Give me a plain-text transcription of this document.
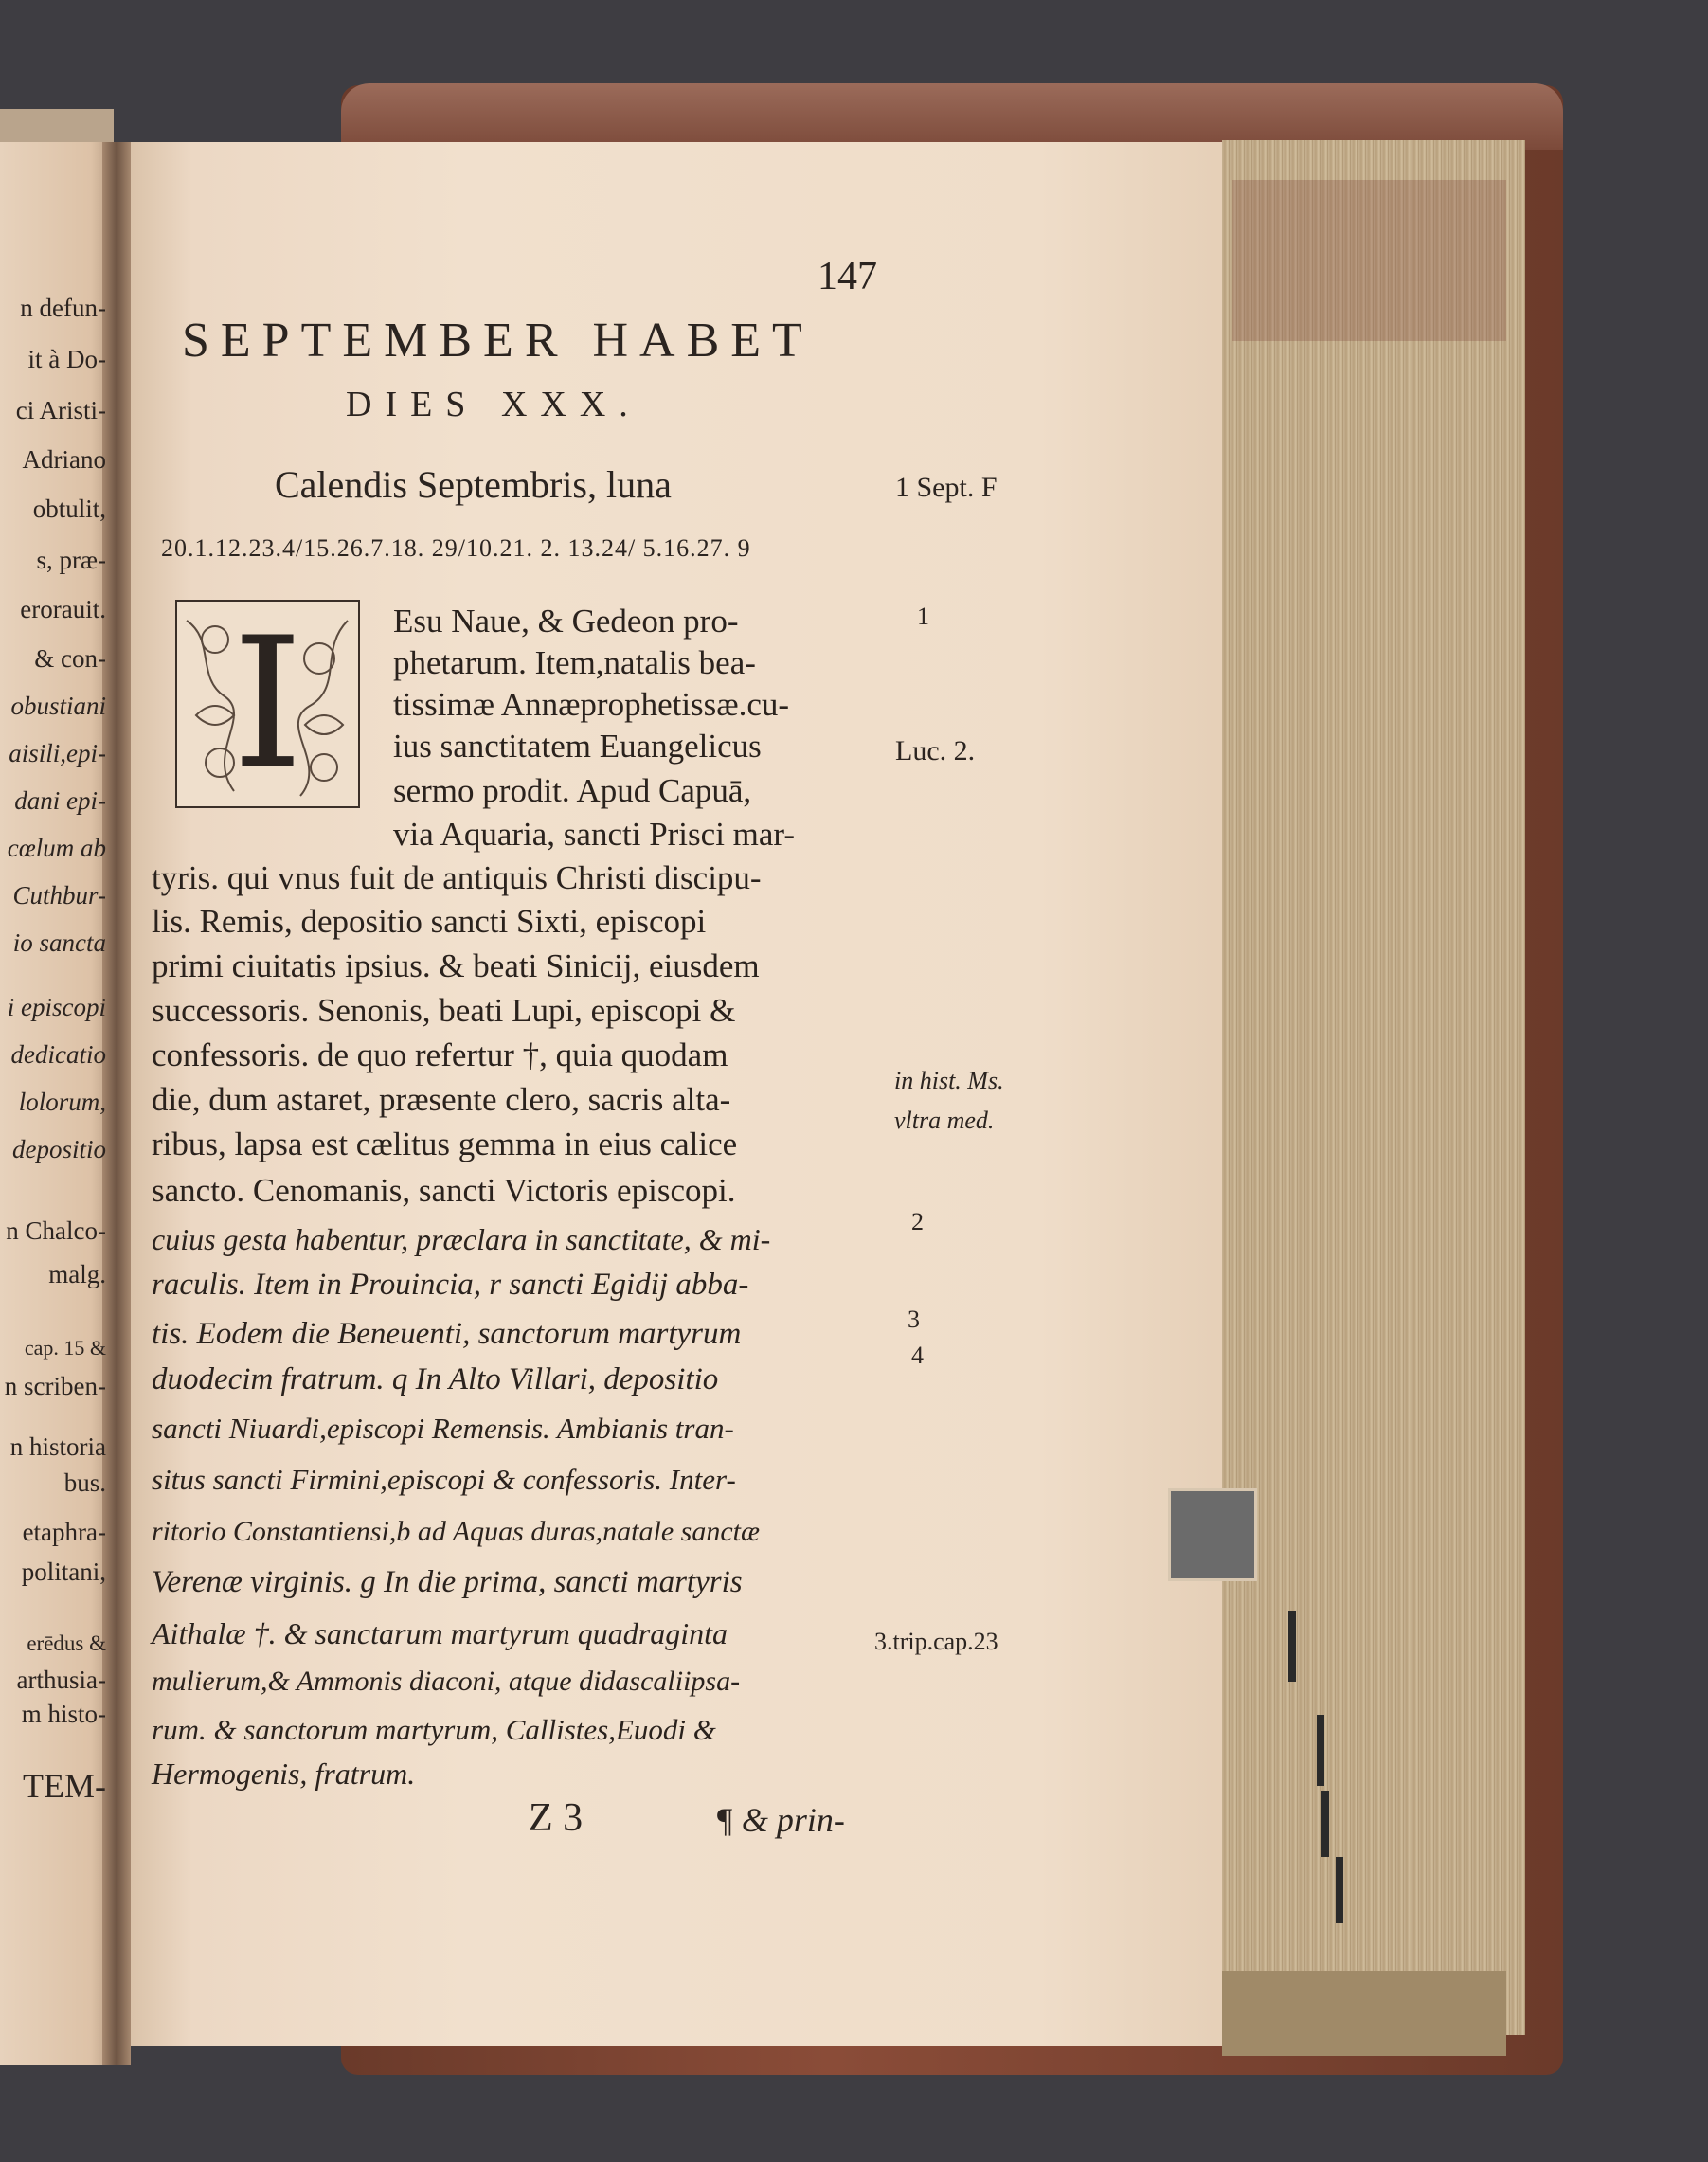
n defun-
it à Do-
ci Aristi-
Adriano
obtulit,
s, præ-
erorauit.
& con-
obustiani
aisili,epi-
dani epi-
cœlum ab
Cuthbur-
io sancta
i episcopi
dedicatio
lolorum,
depositio
n Chalco-
malg.
cap. 15 &
n scriben-
n historia
bus.
etaphra-
politani,
erēdus &
arthusia-
m histo-
TEM-
147
SEPTEMBER HABET
DIES XXX.
Calendis Septembris, luna	1 Sept. F
20.1.12.23.4/15.26.7.18. 29/10.21. 2. 13.24/ 5.16.27. 9
I	Esu Naue, & Gedeon pro-
phetarum. Item,natalis bea-
tissimæ Annæprophetissæ.cu-
ius sanctitatem Euangelicus
sermo prodit. Apud Capuā,
via Aquaria, sancti Prisci mar-
tyris. qui vnus fuit de antiquis Christi discipu-
lis. Remis, depositio sancti Sixti, episcopi
primi ciuitatis ipsius. & beati Sinicij, eiusdem
successoris. Senonis, beati Lupi, episcopi &
confessoris. de quo refertur †, quia quodam
die, dum astaret, præsente clero, sacris alta-
ribus, lapsa est cælitus gemma in eius calice
sancto. Cenomanis, sancti Victoris episcopi.
cuius gesta habentur, præclara in sanctitate, & mi-
raculis. Item in Prouincia, r sancti Egidij abba-
tis. Eodem die Beneuenti, sanctorum martyrum
duodecim fratrum. q In Alto Villari, depositio
sancti Niuardi,episcopi Remensis. Ambianis tran-
situs sancti Firmini,episcopi & confessoris. Inter-
ritorio Constantiensi,b ad Aquas duras,natale sanctæ
Verenæ virginis. g In die prima, sancti martyris
Aithalæ †. & sanctarum martyrum quadraginta
mulierum,& Ammonis diaconi, atque didascaliipsa-
rum. & sanctorum martyrum, Callistes,Euodi &
Hermogenis, fratrum.
1
Luc. 2.
in hist. Ms.
vltra med.
2
3
4
3.trip.cap.23
Z 3	¶ & prin-
